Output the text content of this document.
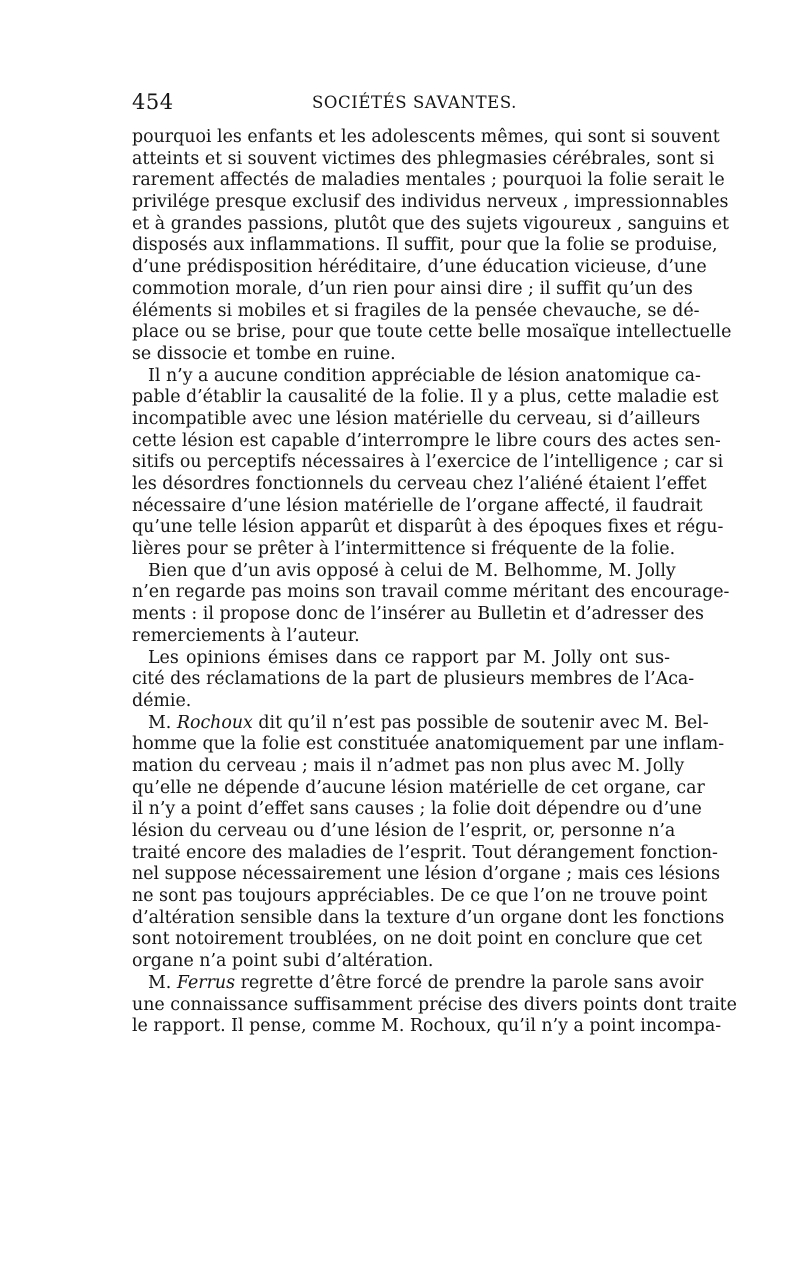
454	SOCIÉTÉS SAVANTES.
pourquoi les enfants et les adolescents mêmes, qui sont si souvent
atteints et si souvent victimes des phlegmasies cérébrales, sont si
rarement affectés de maladies mentales ; pourquoi la folie serait le
privilége presque exclusif des individus nerveux , impressionnables
et à grandes passions, plutôt que des sujets vigoureux , sanguins et
disposés aux inflammations. Il suffit, pour que la folie se produise,
d’une prédisposition héréditaire, d’une éducation vicieuse, d’une
commotion morale, d’un rien pour ainsi dire ; il suffit qu’un des
éléments si mobiles et si fragiles de la pensée chevauche, se dé-
place ou se brise, pour que toute cette belle mosaïque intellectuelle
se dissocie et tombe en ruine.
Il n’y a aucune condition appréciable de lésion anatomique ca-
pable d’établir la causalité de la folie. Il y a plus, cette maladie est
incompatible avec une lésion matérielle du cerveau, si d’ailleurs
cette lésion est capable d’interrompre le libre cours des actes sen-
sitifs ou perceptifs nécessaires à l’exercice de l’intelligence ; car si
les désordres fonctionnels du cerveau chez l’aliéné étaient l’effet
nécessaire d’une lésion matérielle de l’organe affecté, il faudrait
qu’une telle lésion apparût et disparût à des époques fixes et régu-
lières pour se prêter à l’intermittence si fréquente de la folie.
Bien que d’un avis opposé à celui de M. Belhomme, M. Jolly
n’en regarde pas moins son travail comme méritant des encourage-
ments : il propose donc de l’insérer au Bulletin et d’adresser des
remerciements à l’auteur.
Les opinions émises dans ce rapport par M. Jolly ont sus-
cité des réclamations de la part de plusieurs membres de l’Aca-
démie.
M. Rochoux dit qu’il n’est pas possible de soutenir avec M. Bel-
homme que la folie est constituée anatomiquement par une inflam-
mation du cerveau ; mais il n’admet pas non plus avec M. Jolly
qu’elle ne dépende d’aucune lésion matérielle de cet organe, car
il n’y a point d’effet sans causes ; la folie doit dépendre ou d’une
lésion du cerveau ou d’une lésion de l’esprit, or, personne n’a
traité encore des maladies de l’esprit. Tout dérangement fonction-
nel suppose nécessairement une lésion d’organe ; mais ces lésions
ne sont pas toujours appréciables. De ce que l’on ne trouve point
d’altération sensible dans la texture d’un organe dont les fonctions
sont notoirement troublées, on ne doit point en conclure que cet
organe n’a point subi d’altération.
M. Ferrus regrette d’être forcé de prendre la parole sans avoir
une connaissance suffisamment précise des divers points dont traite
le rapport. Il pense, comme M. Rochoux, qu’il n’y a point incompa-
